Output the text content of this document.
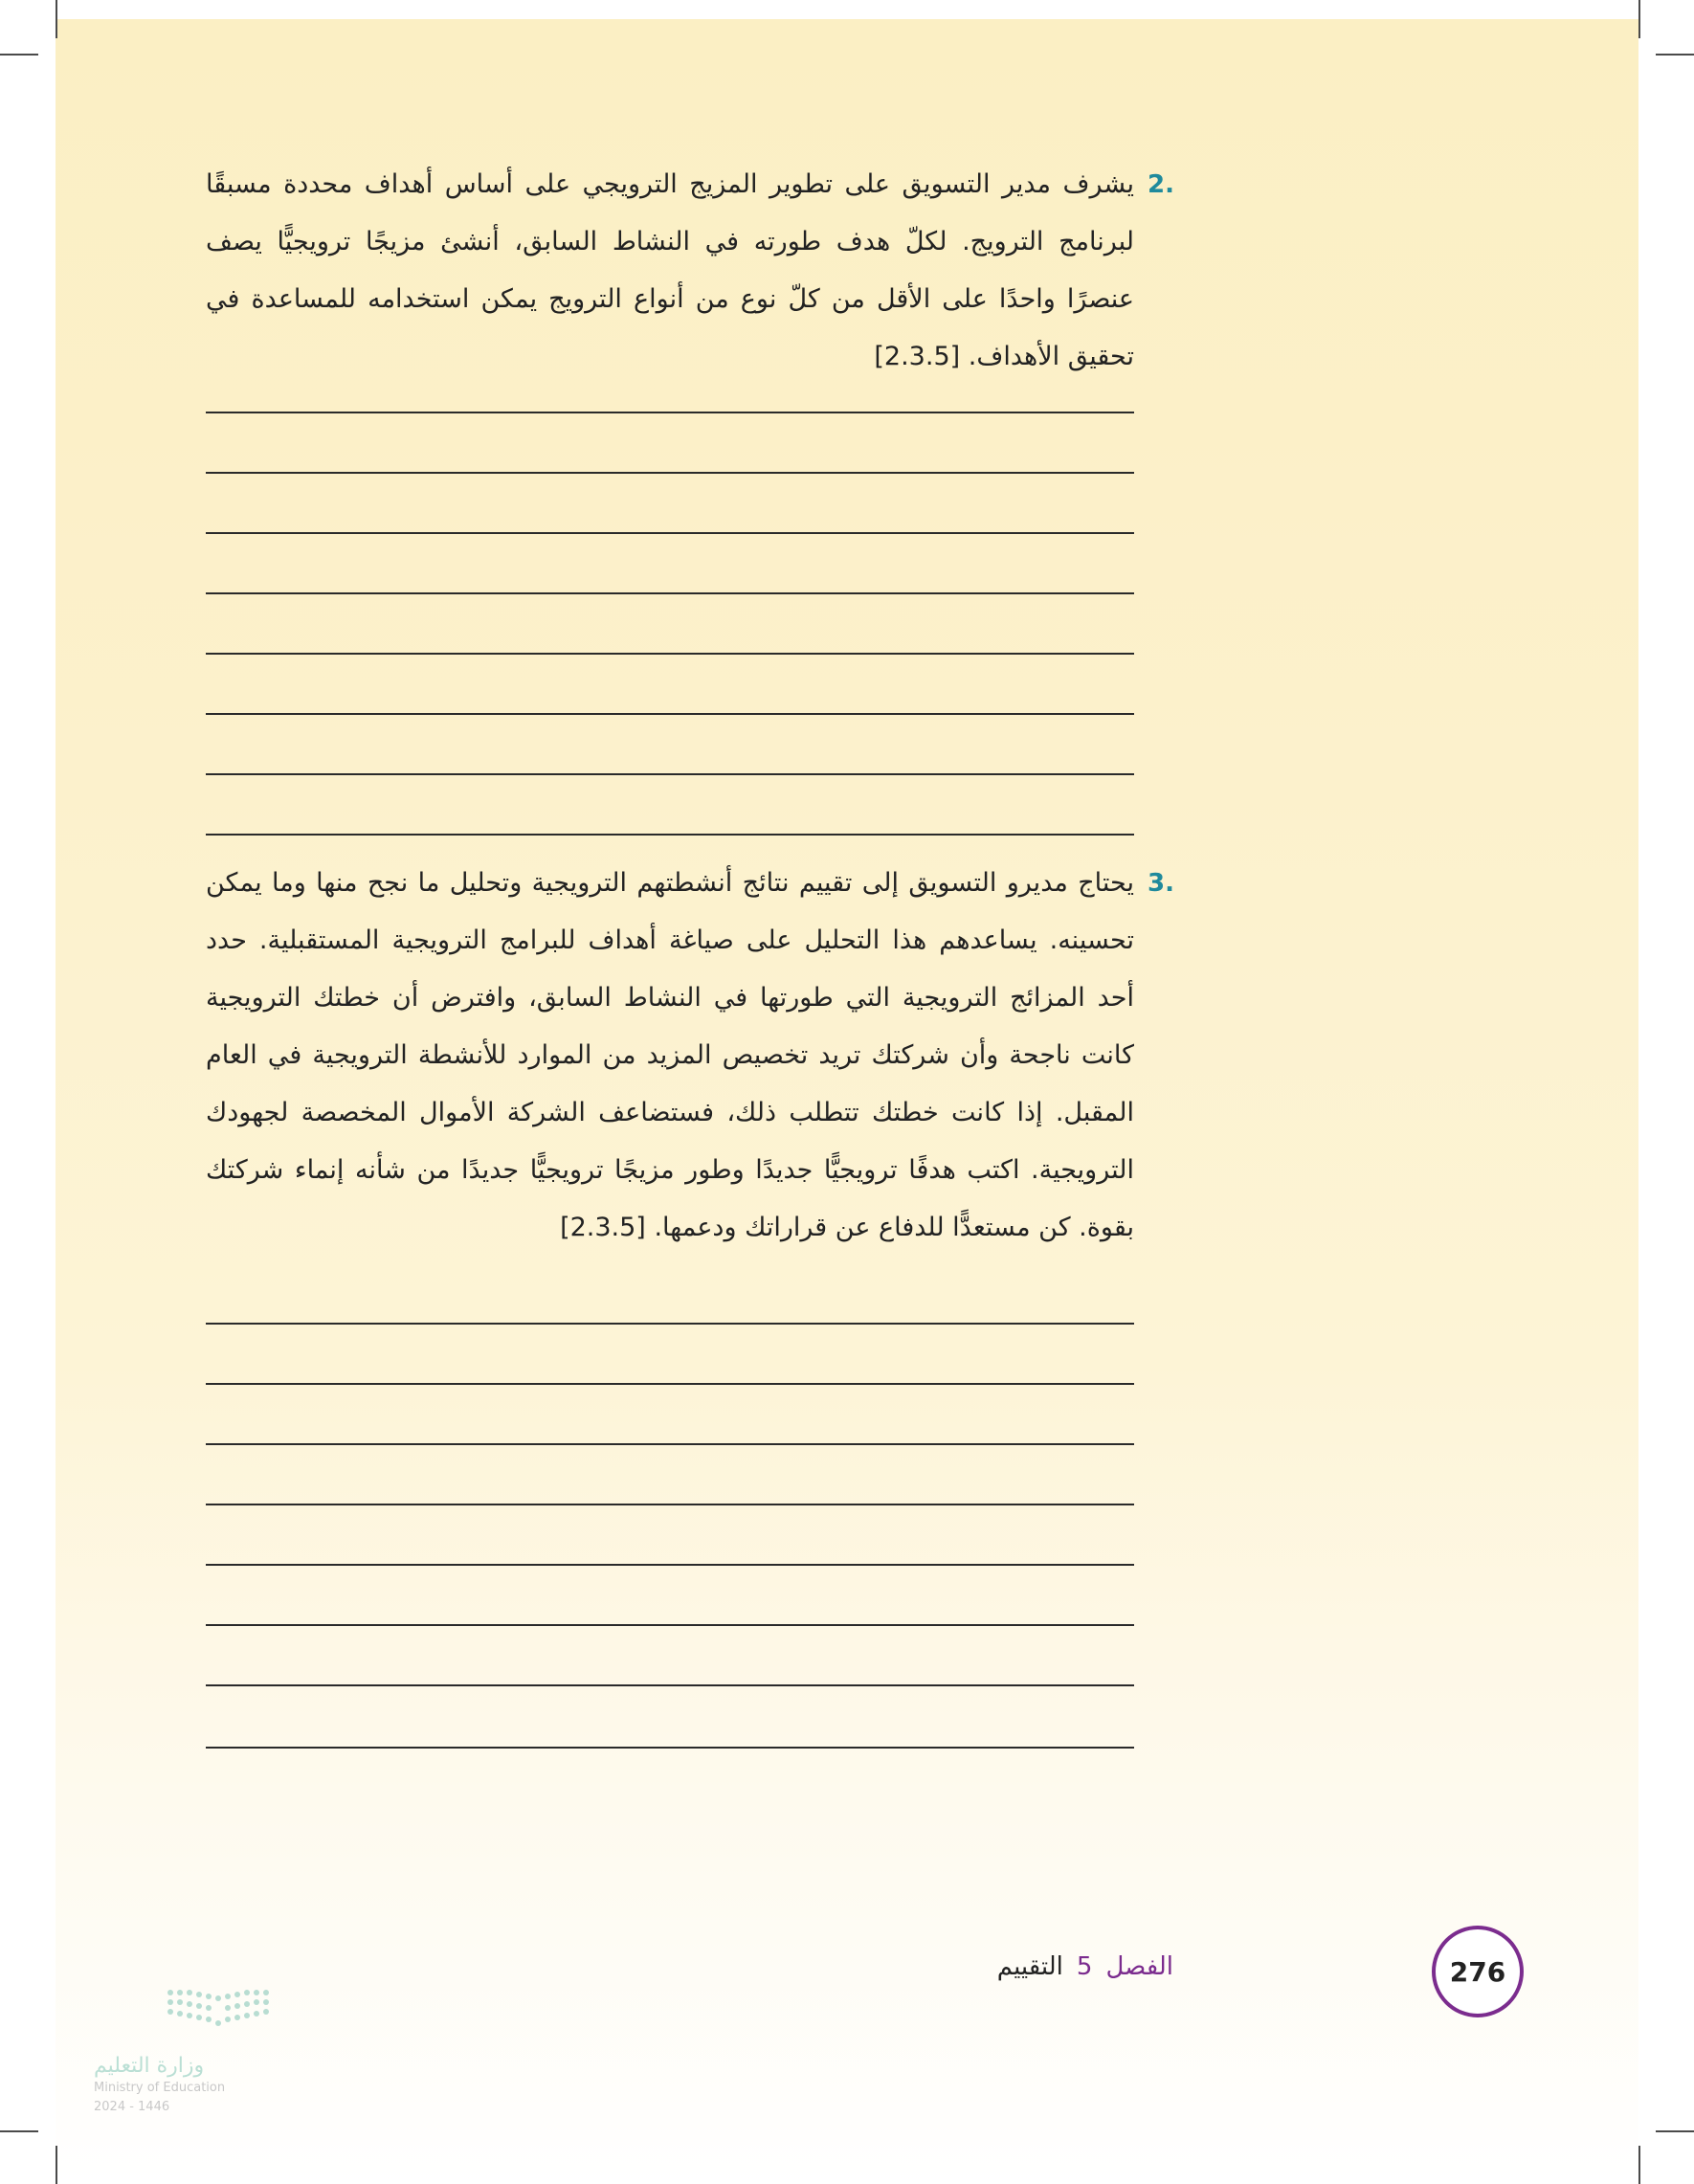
.2
يشرف مدير التسويق على تطوير المزيج الترويجي على أساس أهداف محددة مسبقًا لبرنامج الترويج. لكلّ هدف طورته في النشاط السابق، أنشئ مزيجًا ترويجيًّا يصف عنصرًا واحدًا على الأقل من كلّ نوع من أنواع الترويج يمكن استخدامه للمساعدة في تحقيق الأهداف. [2.3.5]
.3
يحتاج مديرو التسويق إلى تقييم نتائج أنشطتهم الترويجية وتحليل ما نجح منها وما يمكن تحسينه. يساعدهم هذا التحليل على صياغة أهداف للبرامج الترويجية المستقبلية. حدد أحد المزائج الترويجية التي طورتها في النشاط السابق، وافترض أن خطتك الترويجية كانت ناجحة وأن شركتك تريد تخصيص المزيد من الموارد للأنشطة الترويجية في العام المقبل. إذا كانت خطتك تتطلب ذلك، فستضاعف الشركة الأموال المخصصة لجهودك الترويجية. اكتب هدفًا ترويجيًّا جديدًا وطور مزيجًا ترويجيًّا جديدًا من شأنه إنماء شركتك بقوة. كن مستعدًّا للدفاع عن قراراتك ودعمها. [2.3.5]
الفصل
5
التقييم	276
وزارة التعليم
Ministry of Education
2024 - 1446
